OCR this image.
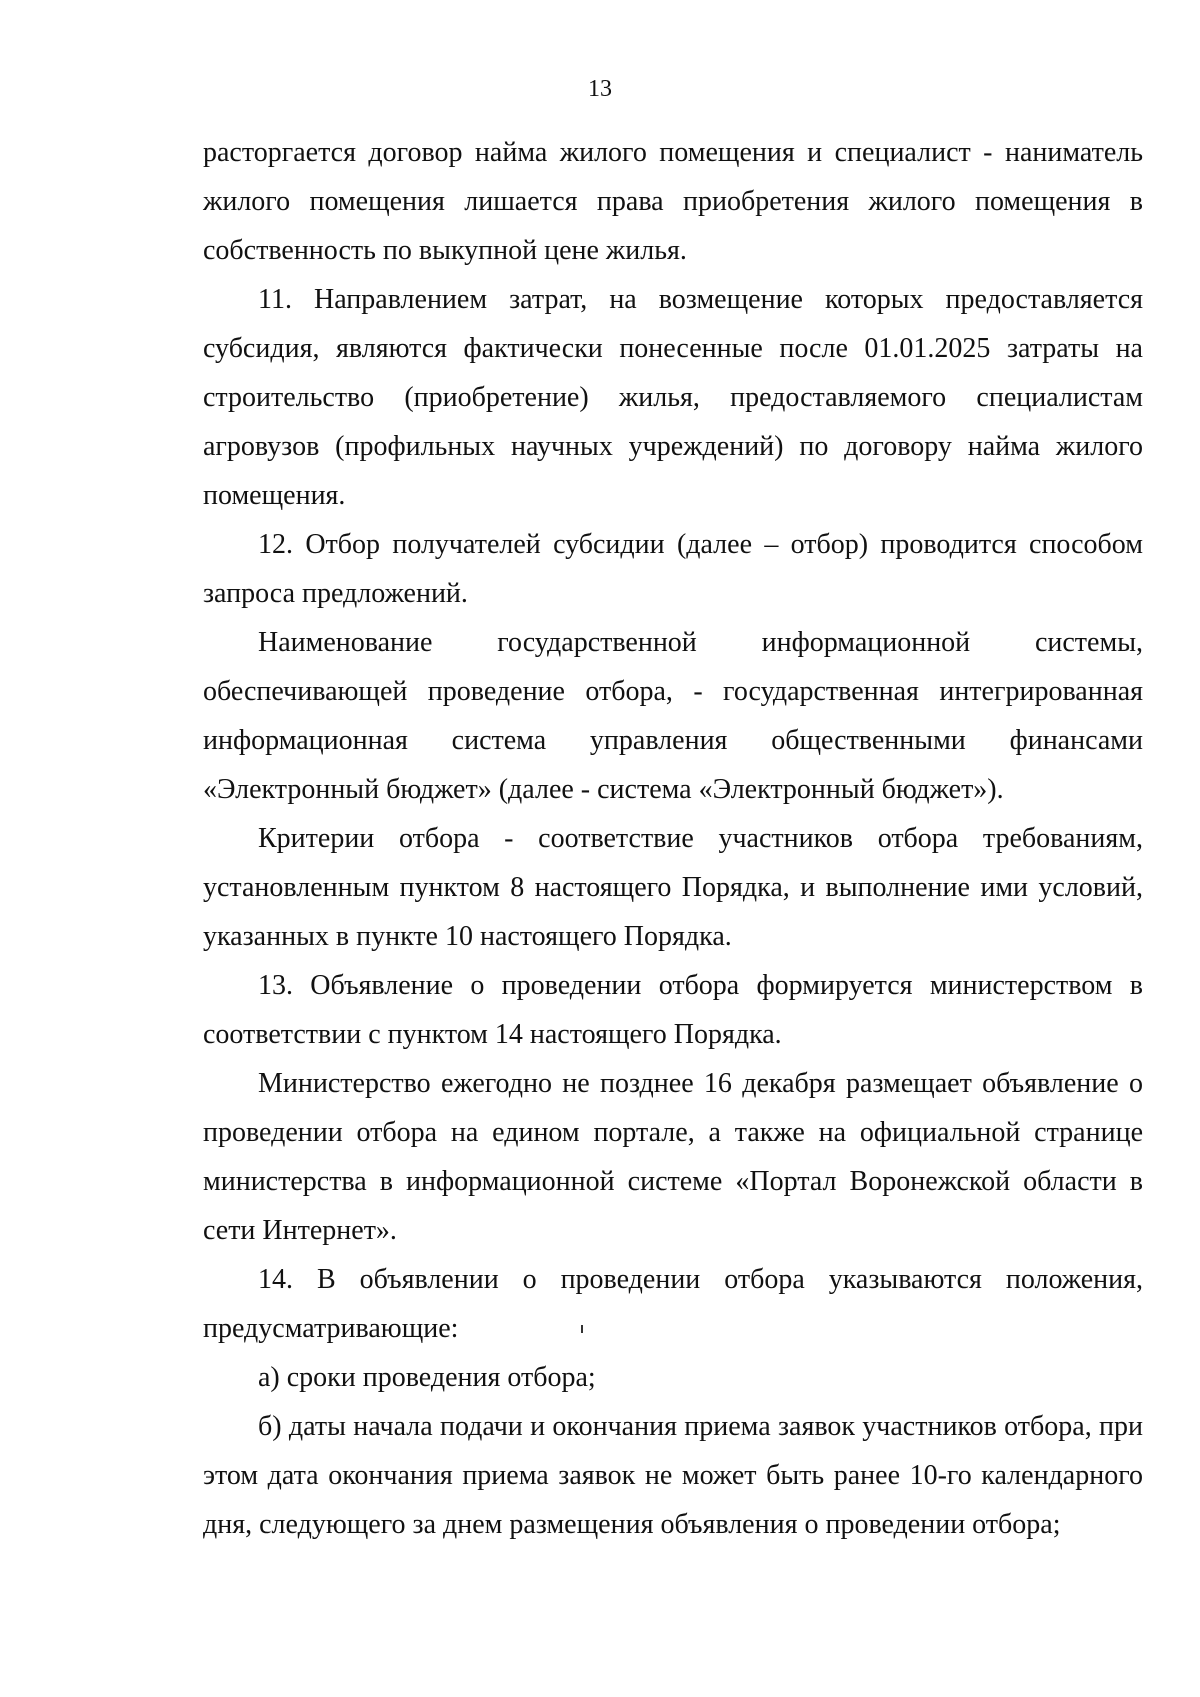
13

расторгается договор найма жилого помещения и специалист - наниматель жилого помещения лишается права приобретения жилого помещения в собственность по выкупной цене жилья.

11. Направлением затрат, на возмещение которых предоставляется субсидия, являются фактически понесенные после 01.01.2025 затраты на строительство (приобретение) жилья, предоставляемого специалистам агровузов (профильных научных учреждений) по договору найма жилого помещения.

12. Отбор получателей субсидии (далее – отбор) проводится способом запроса предложений.

Наименование государственной информационной системы, обеспечивающей проведение отбора, - государственная интегрированная информационная система управления общественными финансами «Электронный бюджет» (далее - система «Электронный бюджет»).

Критерии отбора - соответствие участников отбора требованиям, установленным пунктом 8 настоящего Порядка, и выполнение ими условий, указанных в пункте 10 настоящего Порядка.

13. Объявление о проведении отбора формируется министерством в соответствии с пунктом 14 настоящего Порядка.

Министерство ежегодно не позднее 16 декабря размещает объявление о проведении отбора на едином портале, а также на официальной странице министерства в информационной системе «Портал Воронежской области в сети Интернет».

14. В объявлении о проведении отбора указываются положения, предусматривающие:

а) сроки проведения отбора;

б) даты начала подачи и окончания приема заявок участников отбора, при этом дата окончания приема заявок не может быть ранее 10-го календарного дня, следующего за днем размещения объявления о проведении отбора;
